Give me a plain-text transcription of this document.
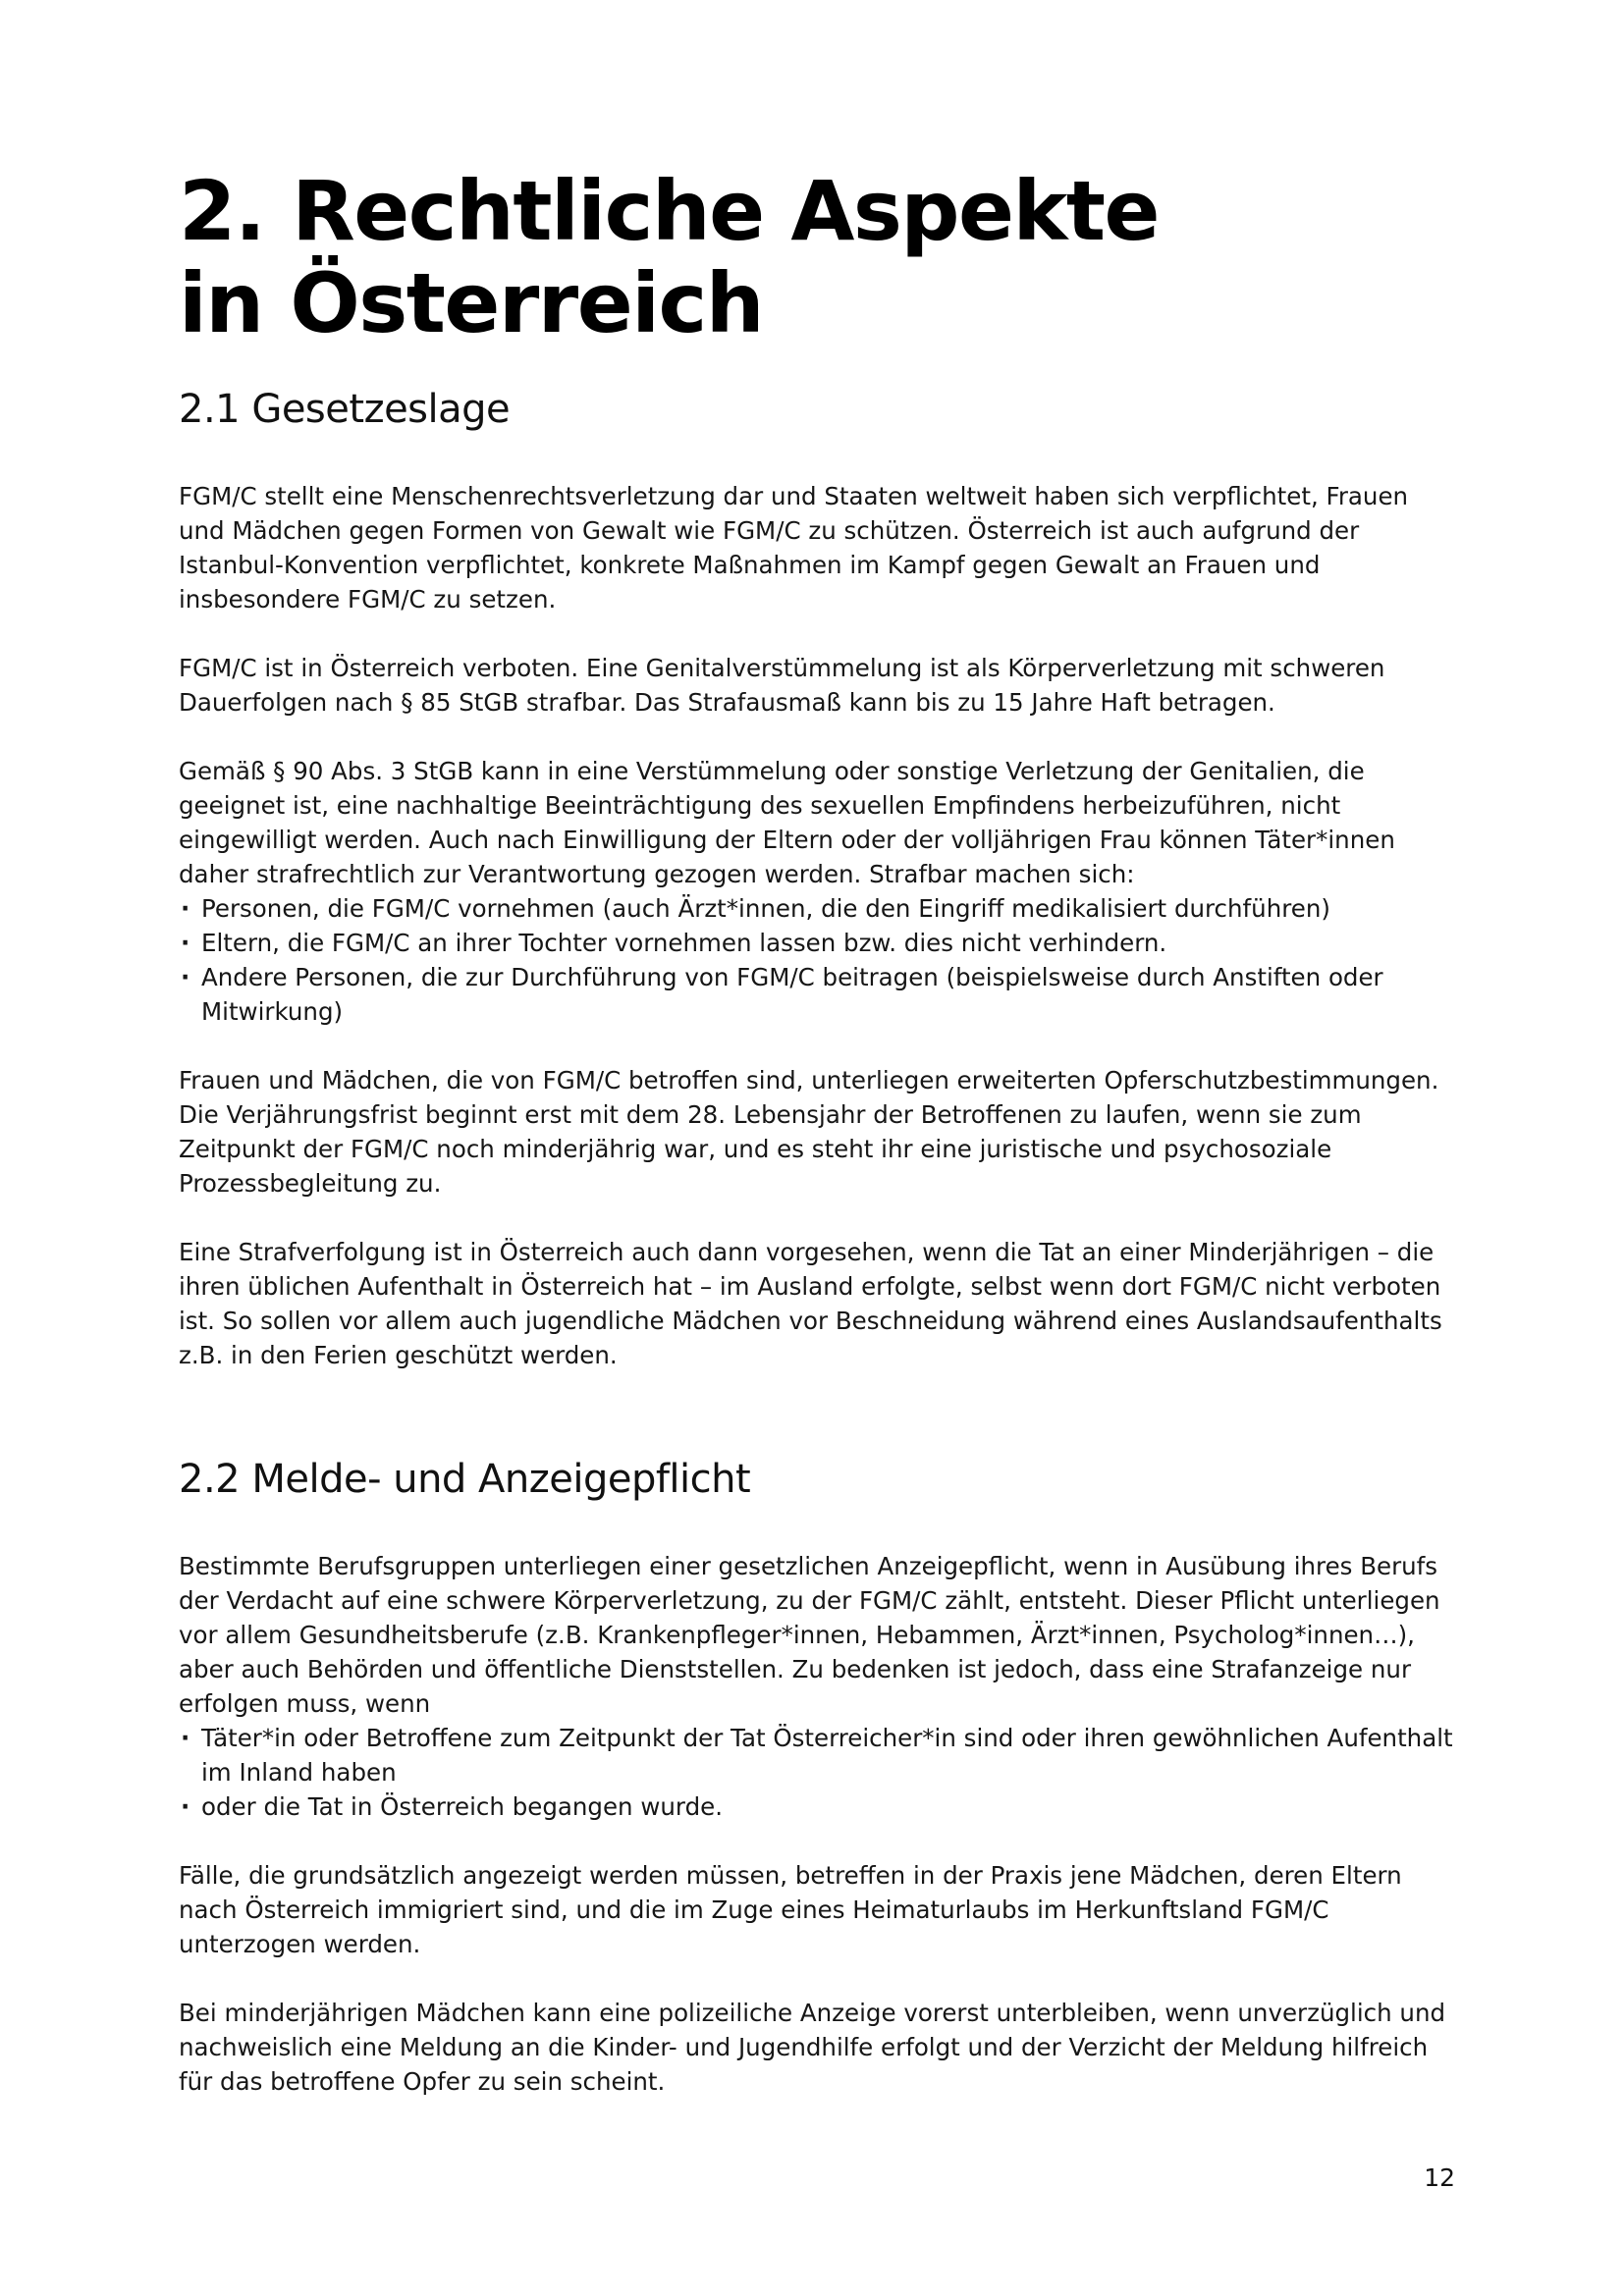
2. Rechtliche Aspekte
in Österreich
2.1 Gesetzeslage

FGM/C stellt eine Menschenrechtsverletzung dar und Staaten weltweit haben sich verpflichtet, Frauen und Mädchen gegen Formen von Gewalt wie FGM/C zu schützen. Österreich ist auch aufgrund der Istanbul-Konvention verpflichtet, konkrete Maßnahmen im Kampf gegen Gewalt an Frauen und insbesondere FGM/C zu setzen.

FGM/C ist in Österreich verboten. Eine Genitalverstümmelung ist als Körperverletzung mit schweren Dauerfolgen nach § 85 StGB strafbar. Das Strafausmaß kann bis zu 15 Jahre Haft betragen.

Gemäß § 90 Abs. 3 StGB kann in eine Verstümmelung oder sonstige Verletzung der Genitalien, die geeignet ist, eine nachhaltige Beeinträchtigung des sexuellen Empfindens herbeizuführen, nicht eingewilligt werden. Auch nach Einwilligung der Eltern oder der volljährigen Frau können Täter*innen daher strafrechtlich zur Verantwortung gezogen werden. Strafbar machen sich:

· Personen, die FGM/C vornehmen (auch Ärzt*innen, die den Eingriff medikalisiert durchführen)
· Eltern, die FGM/C an ihrer Tochter vornehmen lassen bzw. dies nicht verhindern.
· Andere Personen, die zur Durchführung von FGM/C beitragen (beispielsweise durch Anstiften oder Mitwirkung)

Frauen und Mädchen, die von FGM/C betroffen sind, unterliegen erweiterten Opferschutzbestimmungen. Die Verjährungsfrist beginnt erst mit dem 28. Lebensjahr der Betroffenen zu laufen, wenn sie zum Zeitpunkt der FGM/C noch minderjährig war, und es steht ihr eine juristische und psychosoziale Prozessbegleitung zu.

Eine Strafverfolgung ist in Österreich auch dann vorgesehen, wenn die Tat an einer Minderjährigen – die ihren üblichen Aufenthalt in Österreich hat – im Ausland erfolgte, selbst wenn dort FGM/C nicht verboten ist. So sollen vor allem auch jugendliche Mädchen vor Beschneidung während eines Auslandsaufenthalts z.B. in den Ferien geschützt werden.

2.2 Melde- und Anzeigepflicht

Bestimmte Berufsgruppen unterliegen einer gesetzlichen Anzeigepflicht, wenn in Ausübung ihres Berufs der Verdacht auf eine schwere Körperverletzung, zu der FGM/C zählt, entsteht. Dieser Pflicht unterliegen vor allem Gesundheitsberufe (z.B. Krankenpfleger*innen, Hebammen, Ärzt*innen, Psycholog*innen…), aber auch Behörden und öffentliche Dienststellen. Zu bedenken ist jedoch, dass eine Strafanzeige nur erfolgen muss, wenn

· Täter*in oder Betroffene zum Zeitpunkt der Tat Österreicher*in sind oder ihren gewöhnlichen Aufenthalt im Inland haben
· oder die Tat in Österreich begangen wurde.

Fälle, die grundsätzlich angezeigt werden müssen, betreffen in der Praxis jene Mädchen, deren Eltern nach Österreich immigriert sind, und die im Zuge eines Heimaturlaubs im Herkunftsland FGM/C unterzogen werden.

Bei minderjährigen Mädchen kann eine polizeiliche Anzeige vorerst unterbleiben, wenn unverzüglich und nachweislich eine Meldung an die Kinder- und Jugendhilfe erfolgt und der Verzicht der Meldung hilfreich für das betroffene Opfer zu sein scheint.

12
